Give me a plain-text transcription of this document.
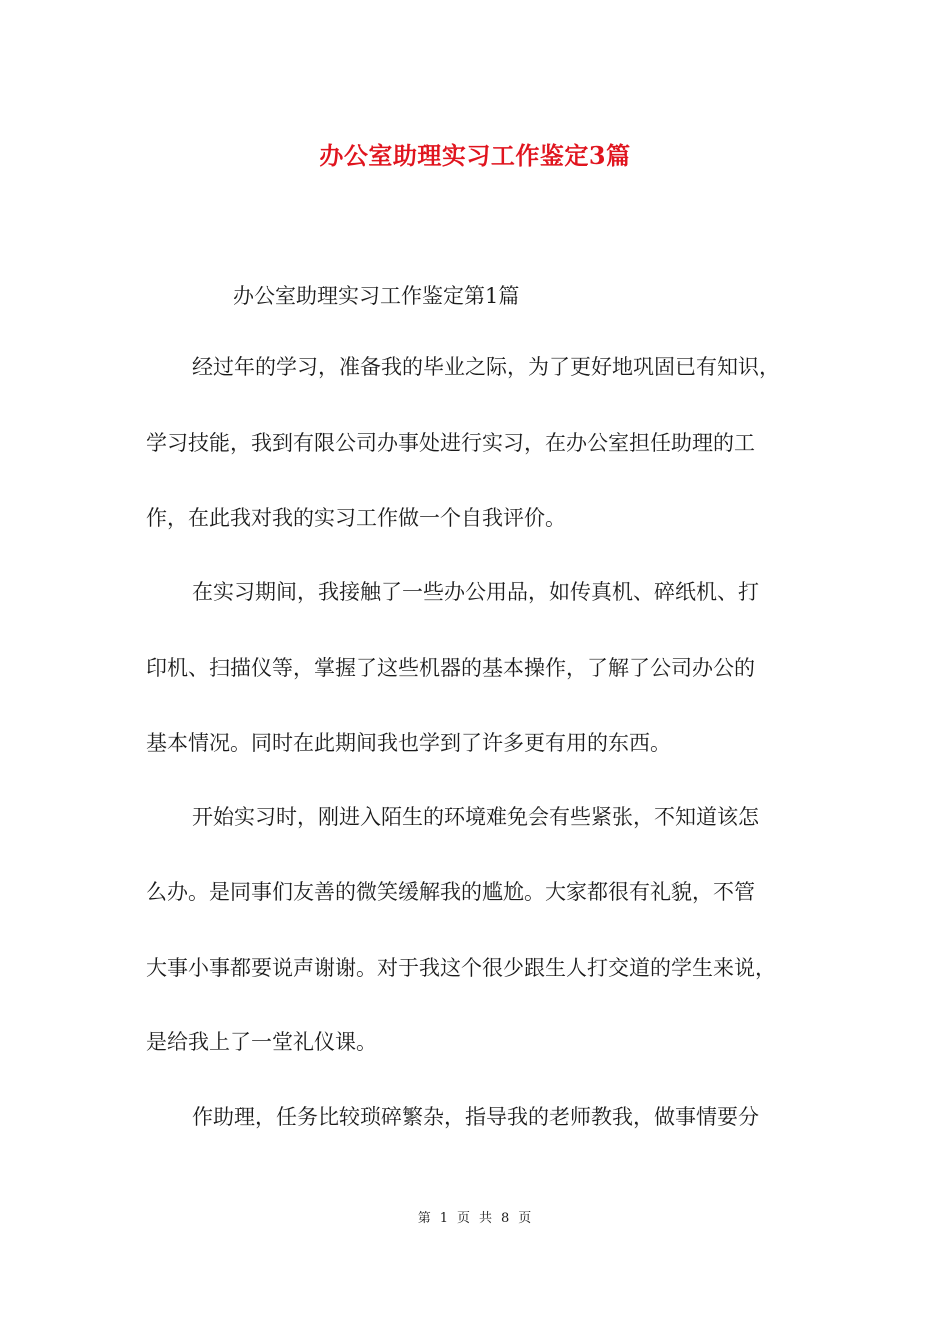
办公室助理实习工作鉴定3篇

办公室助理实习工作鉴定第1篇

经过年的学习，准备我的毕业之际，为了更好地巩固已有知识，

学习技能，我到有限公司办事处进行实习，在办公室担任助理的工

作，在此我对我的实习工作做一个自我评价。

在实习期间，我接触了一些办公用品，如传真机、碎纸机、打

印机、扫描仪等，掌握了这些机器的基本操作，了解了公司办公的

基本情况。同时在此期间我也学到了许多更有用的东西。

开始实习时，刚进入陌生的环境难免会有些紧张，不知道该怎

么办。是同事们友善的微笑缓解我的尴尬。大家都很有礼貌，不管

大事小事都要说声谢谢。对于我这个很少跟生人打交道的学生来说，

是给我上了一堂礼仪课。

作助理，任务比较琐碎繁杂，指导我的老师教我，做事情要分

第 1 页 共 8 页
